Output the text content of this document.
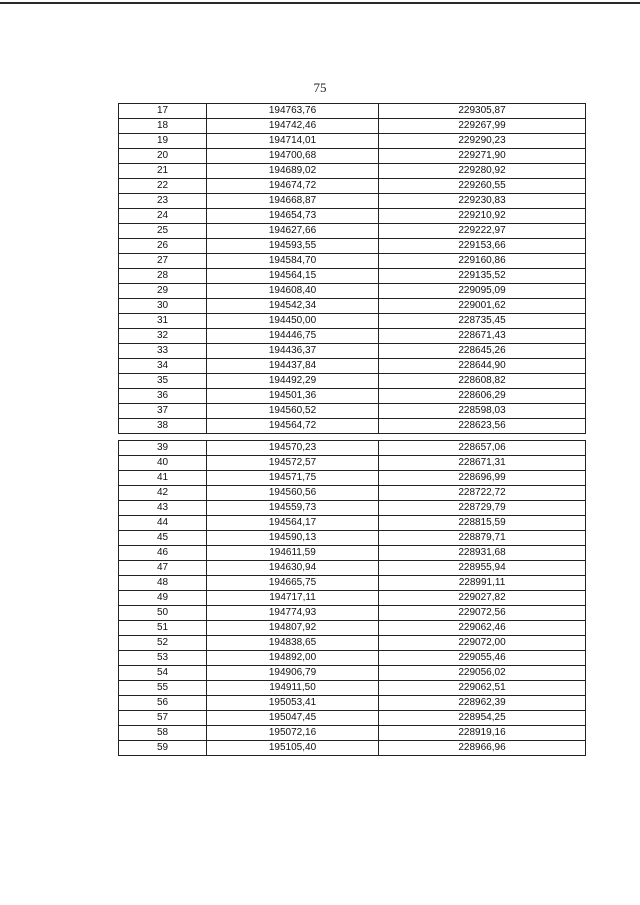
75
17	194763,76	229305,87
18	194742,46	229267,99
19	194714,01	229290,23
20	194700,68	229271,90
21	194689,02	229280,92
22	194674,72	229260,55
23	194668,87	229230,83
24	194654,73	229210,92
25	194627,66	229222,97
26	194593,55	229153,66
27	194584,70	229160,86
28	194564,15	229135,52
29	194608,40	229095,09
30	194542,34	229001,62
31	194450,00	228735,45
32	194446,75	228671,43
33	194436,37	228645,26
34	194437,84	228644,90
35	194492,29	228608,82
36	194501,36	228606,29
37	194560,52	228598,03
38	194564,72	228623,56
39	194570,23	228657,06
40	194572,57	228671,31
41	194571,75	228696,99
42	194560,56	228722,72
43	194559,73	228729,79
44	194564,17	228815,59
45	194590,13	228879,71
46	194611,59	228931,68
47	194630,94	228955,94
48	194665,75	228991,11
49	194717,11	229027,82
50	194774,93	229072,56
51	194807,92	229062,46
52	194838,65	229072,00
53	194892,00	229055,46
54	194906,79	229056,02
55	194911,50	229062,51
56	195053,41	228962,39
57	195047,45	228954,25
58	195072,16	228919,16
59	195105,40	228966,96
